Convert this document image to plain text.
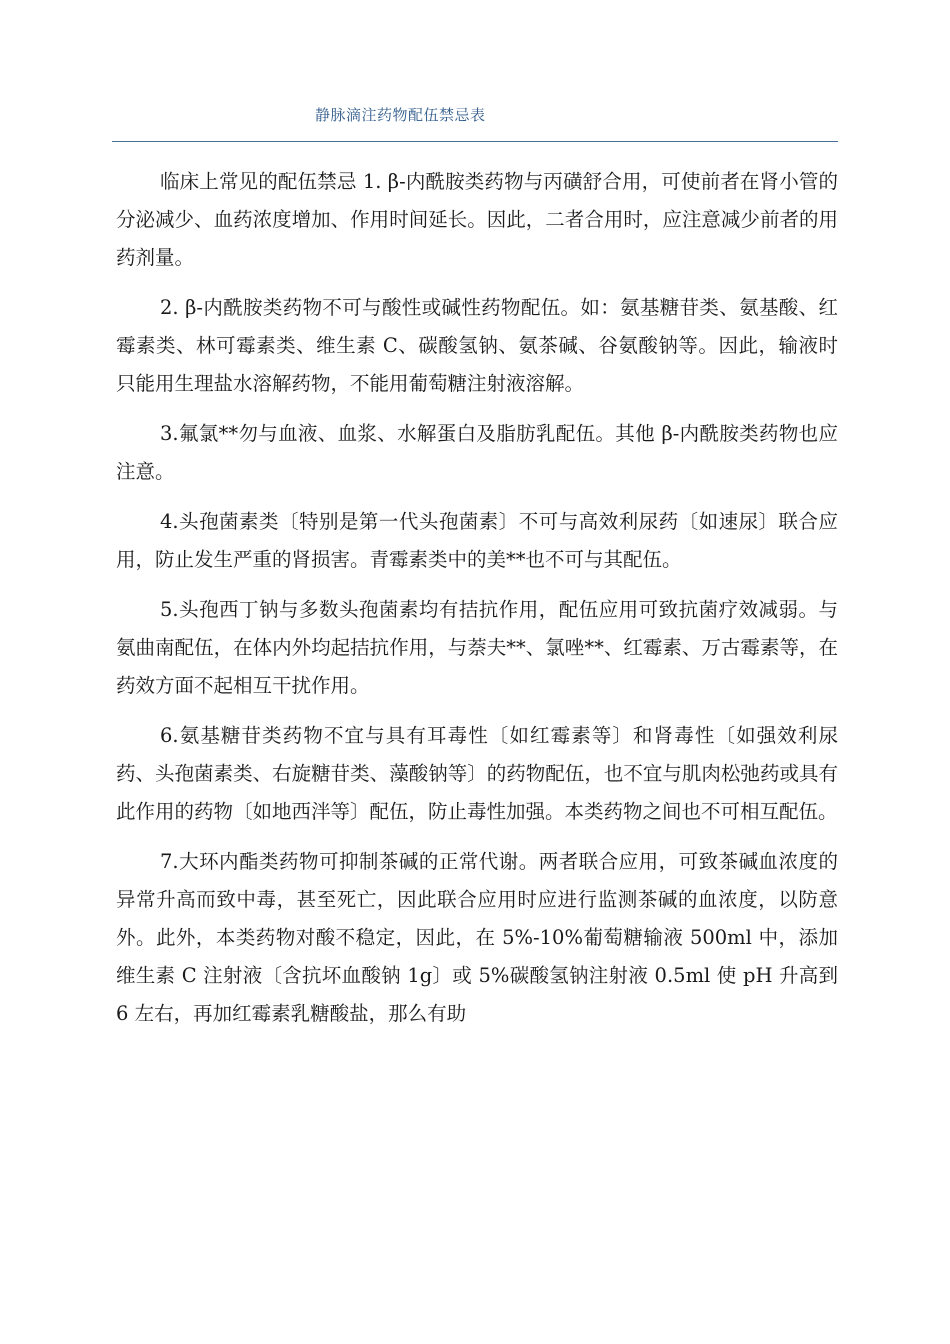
静脉滴注药物配伍禁忌表

临床上常见的配伍禁忌 1. β-内酰胺类药物与丙磺舒合用，可使前者在肾小管的分泌减少、血药浓度增加、作用时间延长。因此，二者合用时，应注意减少前者的用药剂量。

2. β-内酰胺类药物不可与酸性或碱性药物配伍。如：氨基糖苷类、氨基酸、红霉素类、林可霉素类、维生素 C、碳酸氢钠、氨茶碱、谷氨酸钠等。因此，输液时只能用生理盐水溶解药物，不能用葡萄糖注射液溶解。

3.氟氯**勿与血液、血浆、水解蛋白及脂肪乳配伍。其他 β-内酰胺类药物也应注意。

4.头孢菌素类〔特别是第一代头孢菌素〕不可与高效利尿药〔如速尿〕联合应用，防止发生严重的肾损害。青霉素类中的美**也不可与其配伍。

5.头孢西丁钠与多数头孢菌素均有拮抗作用，配伍应用可致抗菌疗效减弱。与氨曲南配伍，在体内外均起拮抗作用，与萘夫**、氯唑**、红霉素、万古霉素等，在药效方面不起相互干扰作用。

6.氨基糖苷类药物不宜与具有耳毒性〔如红霉素等〕和肾毒性〔如强效利尿药、头孢菌素类、右旋糖苷类、藻酸钠等〕的药物配伍，也不宜与肌肉松弛药或具有此作用的药物〔如地西泮等〕配伍，防止毒性加强。本类药物之间也不可相互配伍。

7.大环内酯类药物可抑制茶碱的正常代谢。两者联合应用，可致茶碱血浓度的异常升高而致中毒，甚至死亡，因此联合应用时应进行监测茶碱的血浓度，以防意外。此外，本类药物对酸不稳定，因此，在 5%-10%葡萄糖输液 500ml 中，添加维生素 C 注射液〔含抗坏血酸钠 1g〕或 5%碳酸氢钠注射液 0.5ml 使 pH 升高到 6 左右，再加红霉素乳糖酸盐，那么有助
